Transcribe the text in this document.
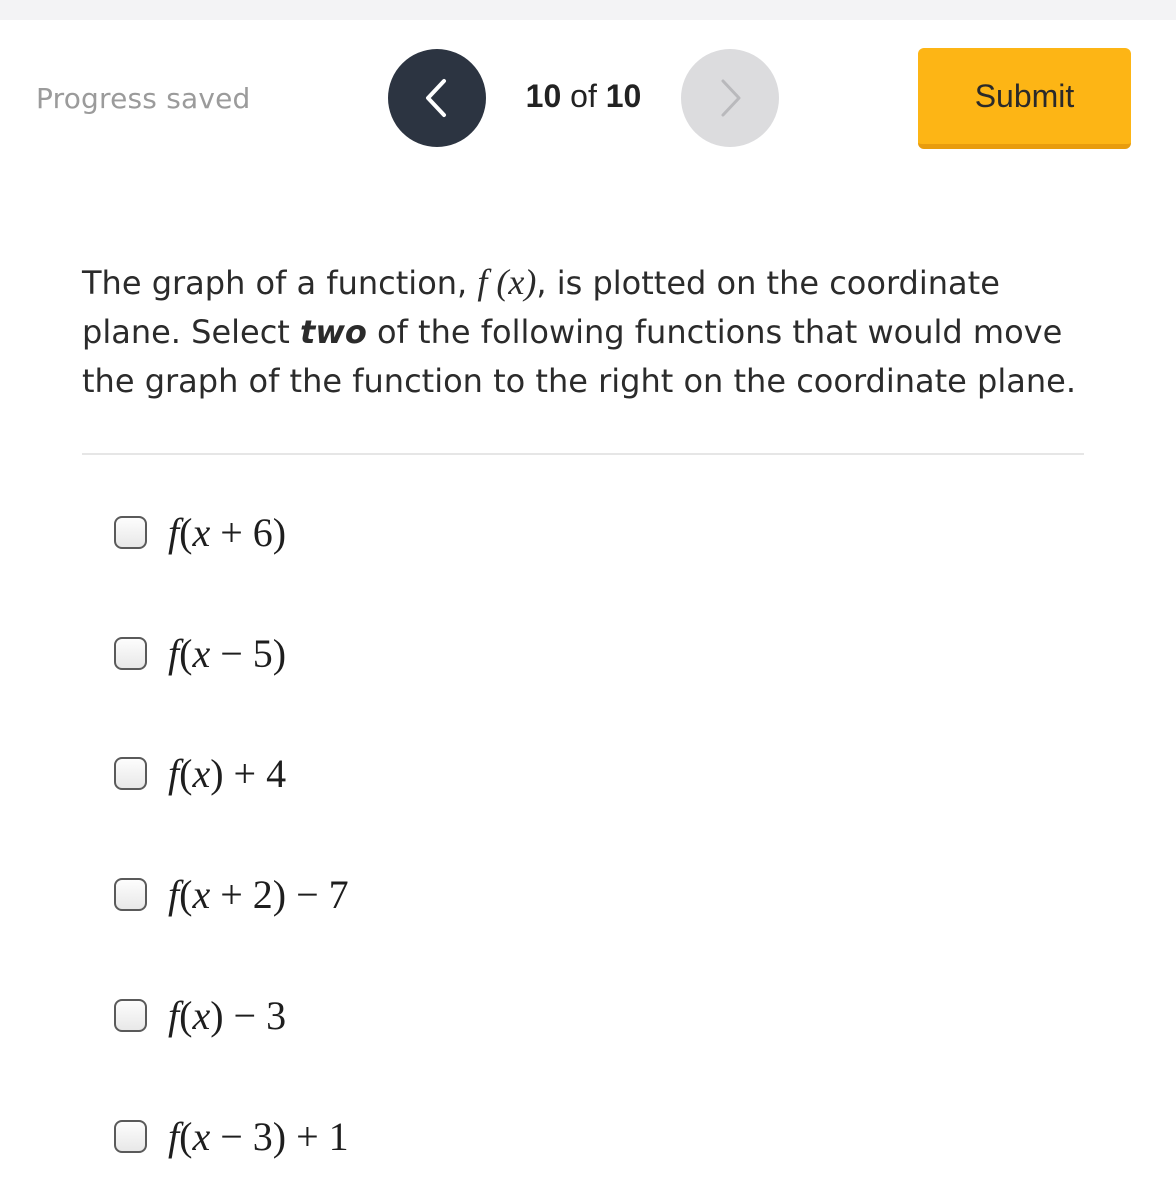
Progress saved	10 of 10	Submit
The graph of a function, f (x), is plotted on the coordinate plane. Select two of the following functions that would move the graph of the function to the right on the coordinate plane.
f(x + 6)
f(x − 5)
f(x) + 4
f(x + 2) − 7
f(x) − 3
f(x − 3) + 1
